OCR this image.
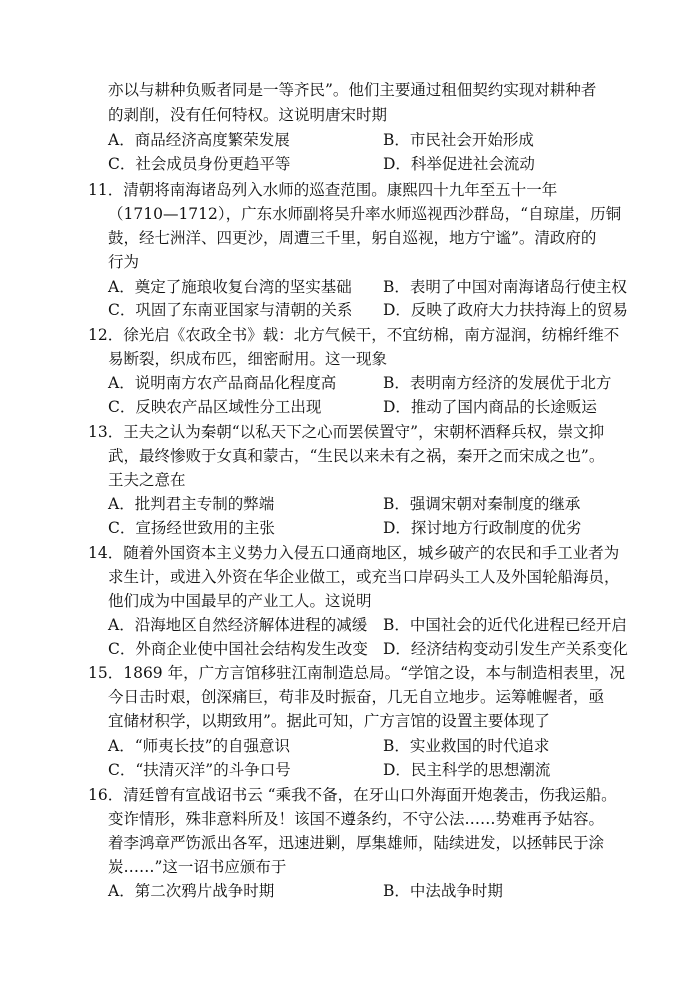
亦以与耕种负贩者同是一等齐民”。他们主要通过租佃契约实现对耕种者
的剥削，没有任何特权。这说明唐宋时期
A．商品经济高度繁荣发展	B．市民社会开始形成
C．社会成员身份更趋平等	D．科举促进社会流动
11．清朝将南海诸岛列入水师的巡查范围。康熙四十九年至五十一年
（1710—1712），广东水师副将吴升率水师巡视西沙群岛，“自琼崖，历铜
鼓，经七洲洋、四更沙，周遭三千里，躬自巡视，地方宁谧”。清政府的
行为
A．奠定了施琅收复台湾的坚实基础 B．表明了中国对南海诸岛行使主权
C．巩固了东南亚国家与清朝的关系 D．反映了政府大力扶持海上的贸易
12．徐光启《农政全书》载：北方气候干，不宜纺棉，南方湿润，纺棉纤维不
易断裂，织成布匹，细密耐用。这一现象
A．说明南方农产品商品化程度高	B．表明南方经济的发展优于北方
C．反映农产品区域性分工出现	D．推动了国内商品的长途贩运
13．王夫之认为秦朝“以私天下之心而罢侯置守”，宋朝杯酒释兵权，崇文抑
武，最终惨败于女真和蒙古，“生民以来未有之祸，秦开之而宋成之也”。
王夫之意在
A．批判君主专制的弊端	B．强调宋朝对秦制度的继承
C．宣扬经世致用的主张	D．探讨地方行政制度的优劣
14．随着外国资本主义势力入侵五口通商地区，城乡破产的农民和手工业者为
求生计，或进入外资在华企业做工，或充当口岸码头工人及外国轮船海员，
他们成为中国最早的产业工人。这说明
A．沿海地区自然经济解体进程的减缓 B．中国社会的近代化进程已经开启
C．外商企业使中国社会结构发生改变 D．经济结构变动引发生产关系变化
15．1869 年，广方言馆移驻江南制造总局。“学馆之设，本与制造相表里，况
今日击时艰，创深痛巨，苟非及时振奋，几无自立地步。运筹帷幄者，亟
宜储材积学，以期致用”。据此可知，广方言馆的设置主要体现了
A．“师夷长技”的自强意识	B．实业救国的时代追求
C．“扶清灭洋”的斗争口号	D．民主科学的思想潮流
16．清廷曾有宣战诏书云 “乘我不备，在牙山口外海面开炮袭击，伤我运船。
变诈情形，殊非意料所及！该国不遵条约，不守公法……势难再予姑容。
着李鸿章严饬派出各军，迅速进剿，厚集雄师，陆续进发，以拯韩民于涂
炭……”这一诏书应颁布于
A．第二次鸦片战争时期	B．中法战争时期
